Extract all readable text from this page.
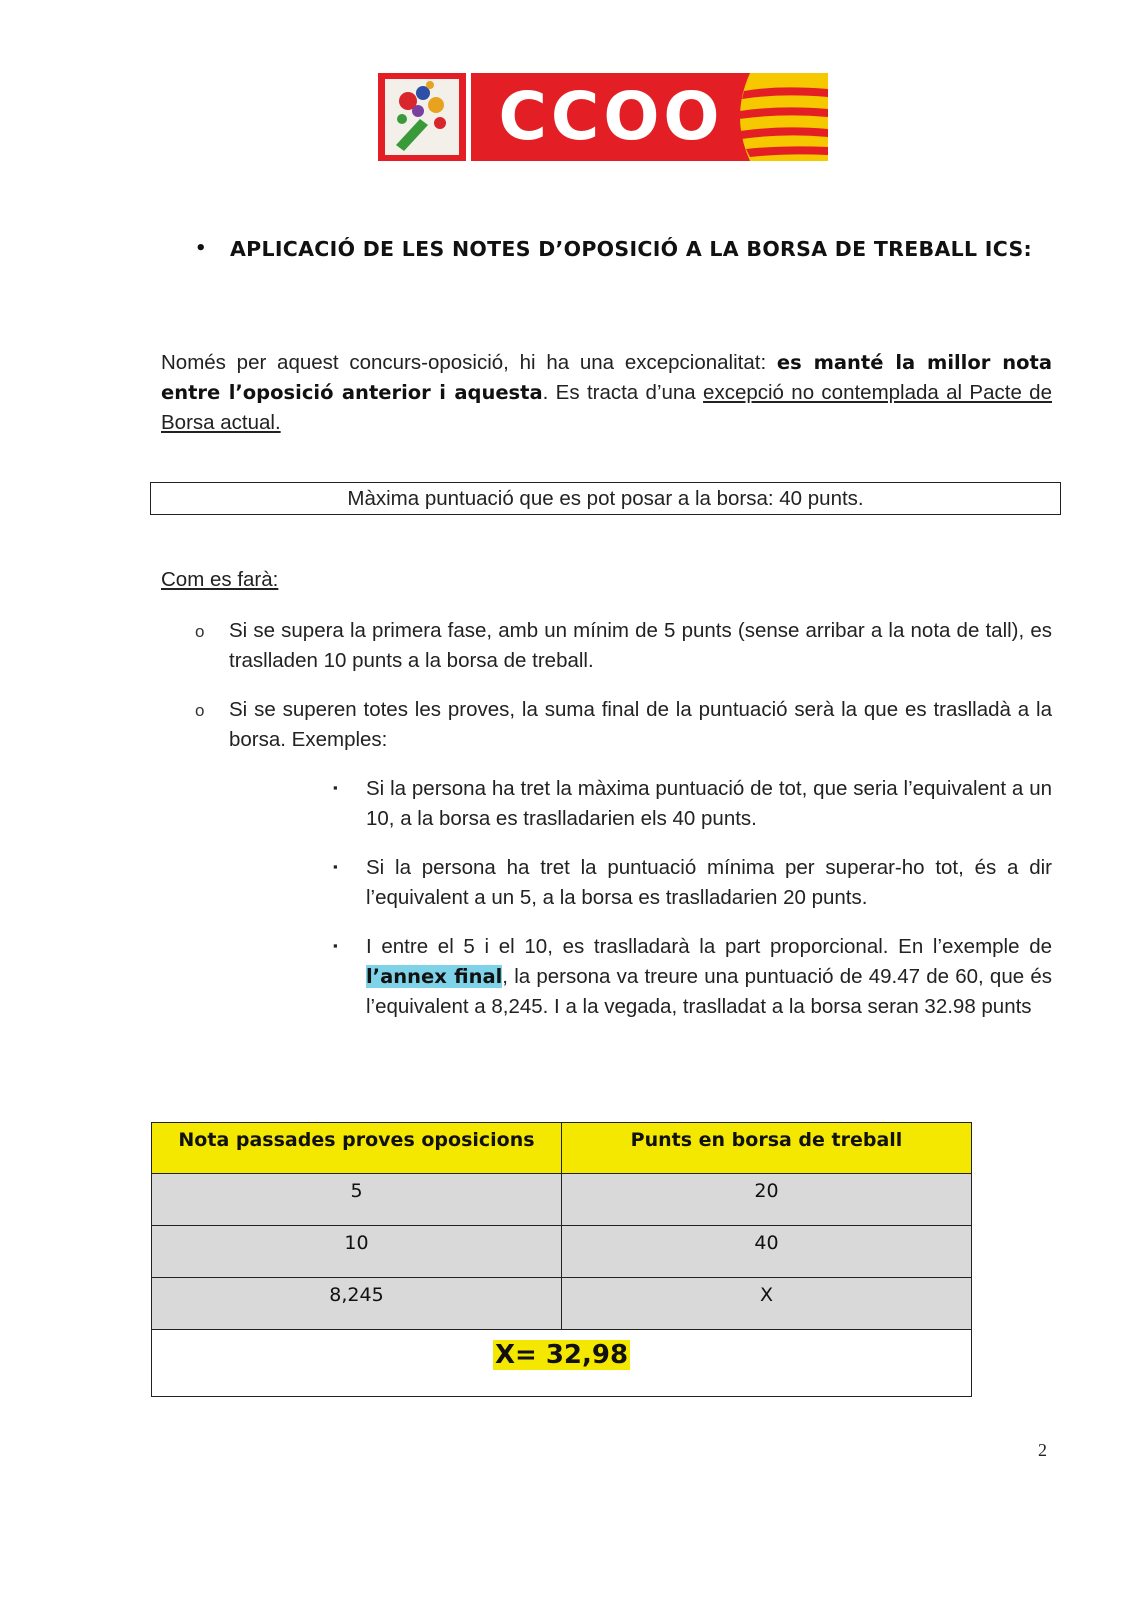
CCOO
• APLICACIÓ DE LES NOTES D’OPOSICIÓ A LA BORSA DE TREBALL ICS:
Només per aquest concurs-oposició, hi ha una excepcionalitat: es manté la millor nota entre l’oposició anterior i aquesta. Es tracta d’una excepció no contemplada al Pacte de Borsa actual.
Màxima puntuació que es pot posar a la borsa: 40 punts.
Com es farà:
o Si se supera la primera fase, amb un mínim de 5 punts (sense arribar a la nota de tall), es traslladen 10 punts a la borsa de treball.
o Si se superen totes les proves, la suma final de la puntuació serà la que es traslladà a la borsa. Exemples:
▪ Si la persona ha tret la màxima puntuació de tot, que seria l’equivalent a un 10, a la borsa es traslladarien els 40 punts.
▪ Si la persona ha tret la puntuació mínima per superar-ho tot, és a dir l’equivalent a un 5, a la borsa es traslladarien 20 punts.
▪ I entre el 5 i el 10, es traslladarà la part proporcional. En l’exemple de l’annex final, la persona va treure una puntuació de 49.47 de 60, que és l’equivalent a 8,245. I a la vegada, traslladat a la borsa seran 32.98 punts
Nota passades proves oposicions	Punts en borsa de treball
5	20
10	40
8,245	X
X= 32,98	
2
